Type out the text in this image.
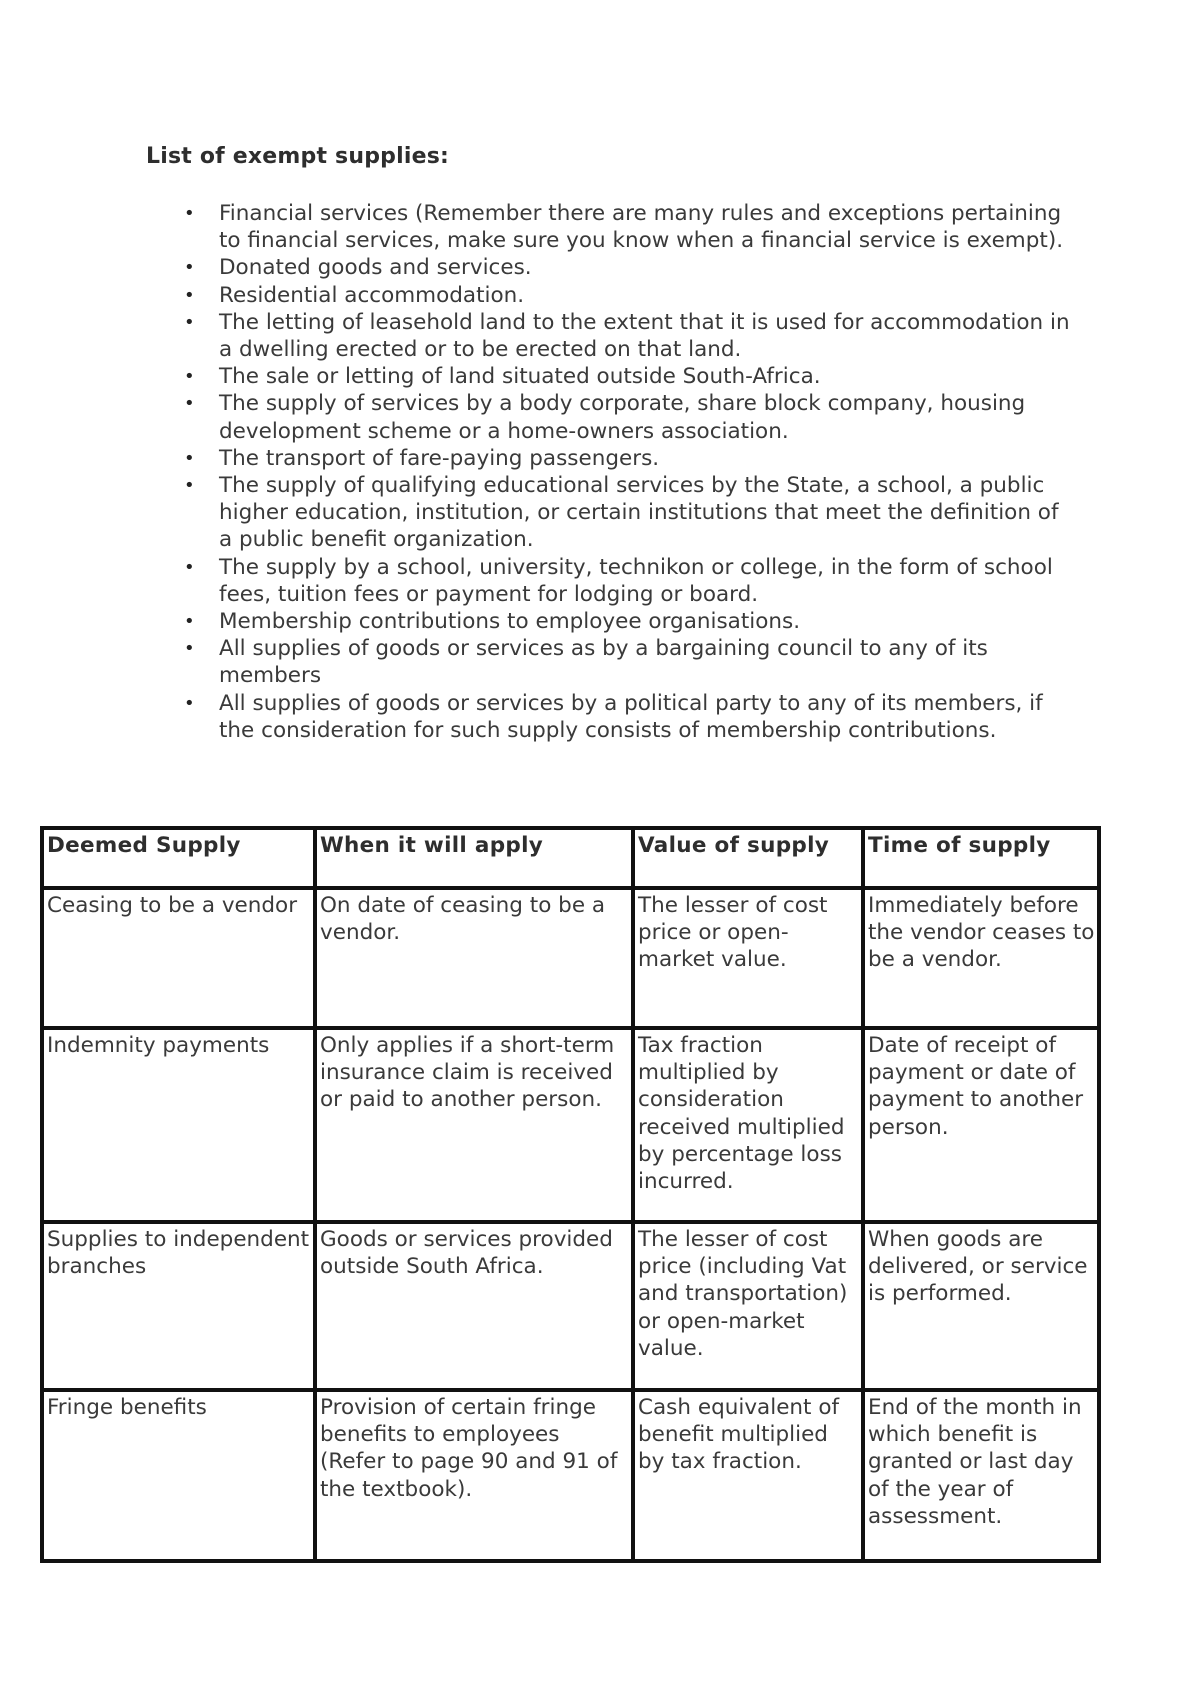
List of exempt supplies:
• Financial services (Remember there are many rules and exceptions pertaining to financial services, make sure you know when a financial service is exempt).
• Donated goods and services.
• Residential accommodation.
• The letting of leasehold land to the extent that it is used for accommodation in a dwelling erected or to be erected on that land.
• The sale or letting of land situated outside South-Africa.
• The supply of services by a body corporate, share block company, housing development scheme or a home-owners association.
• The transport of fare-paying passengers.
• The supply of qualifying educational services by the State, a school, a public higher education, institution, or certain institutions that meet the definition of a public benefit organization.
• The supply by a school, university, technikon or college, in the form of school fees, tuition fees or payment for lodging or board.
• Membership contributions to employee organisations.
• All supplies of goods or services as by a bargaining council to any of its members
• All supplies of goods or services by a political party to any of its members, if the consideration for such supply consists of membership contributions.
Deemed Supply	When it will apply	Value of supply	Time of supply
Ceasing to be a vendor	On date of ceasing to be a vendor.	The lesser of cost price or open-market value.	Immediately before the vendor ceases to be a vendor.
Indemnity payments	Only applies if a short-term insurance claim is received or paid to another person.	Tax fraction multiplied by consideration received multiplied by percentage loss incurred.	Date of receipt of payment or date of payment to another person.
Supplies to independent branches	Goods or services provided outside South Africa.	The lesser of cost price (including Vat and transportation) or open-market value.	When goods are delivered, or service is performed.
Fringe benefits	Provision of certain fringe benefits to employees (Refer to page 90 and 91 of the textbook).	Cash equivalent of benefit multiplied by tax fraction.	End of the month in which benefit is granted or last day of the year of assessment.
